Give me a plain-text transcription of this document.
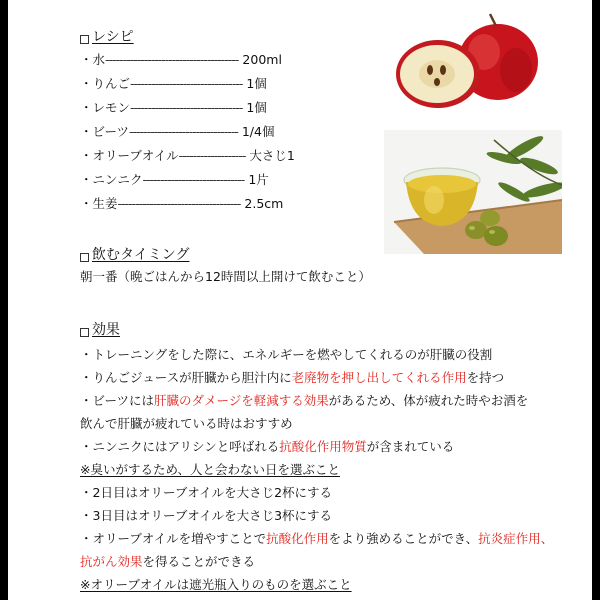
レシピ
・水-------------------------------------- 200ml
・りんご-------------------------------- 1個
・レモン-------------------------------- 1個
・ビーツ------------------------------- 1/4個
・オリーブオイル------------------- 大さじ1
・ニンニク----------------------------- 1片
・生姜----------------------------------- 2.5cm
飲むタイミング
朝一番（晩ごはんから12時間以上開けて飲むこと）
効果
・トレーニングをした際に、エネルギーを燃やしてくれるのが肝臓の役割
・りんごジュースが肝臓から胆汁内に老廃物を押し出してくれる作用を持つ
・ビーツには肝臓のダメージを軽減する効果があるため、体が疲れた時やお酒を
飲んで肝臓が疲れている時はおすすめ
・ニンニクにはアリシンと呼ばれる抗酸化作用物質が含まれている
※臭いがするため、人と会わない日を選ぶこと
・2日目はオリーブオイルを大さじ2杯にする
・3日目はオリーブオイルを大さじ3杯にする
・オリーブオイルを増やすことで抗酸化作用をより強めることができ、抗炎症作用、
抗がん効果を得ることができる
※オリーブオイルは遮光瓶入りのものを選ぶこと
